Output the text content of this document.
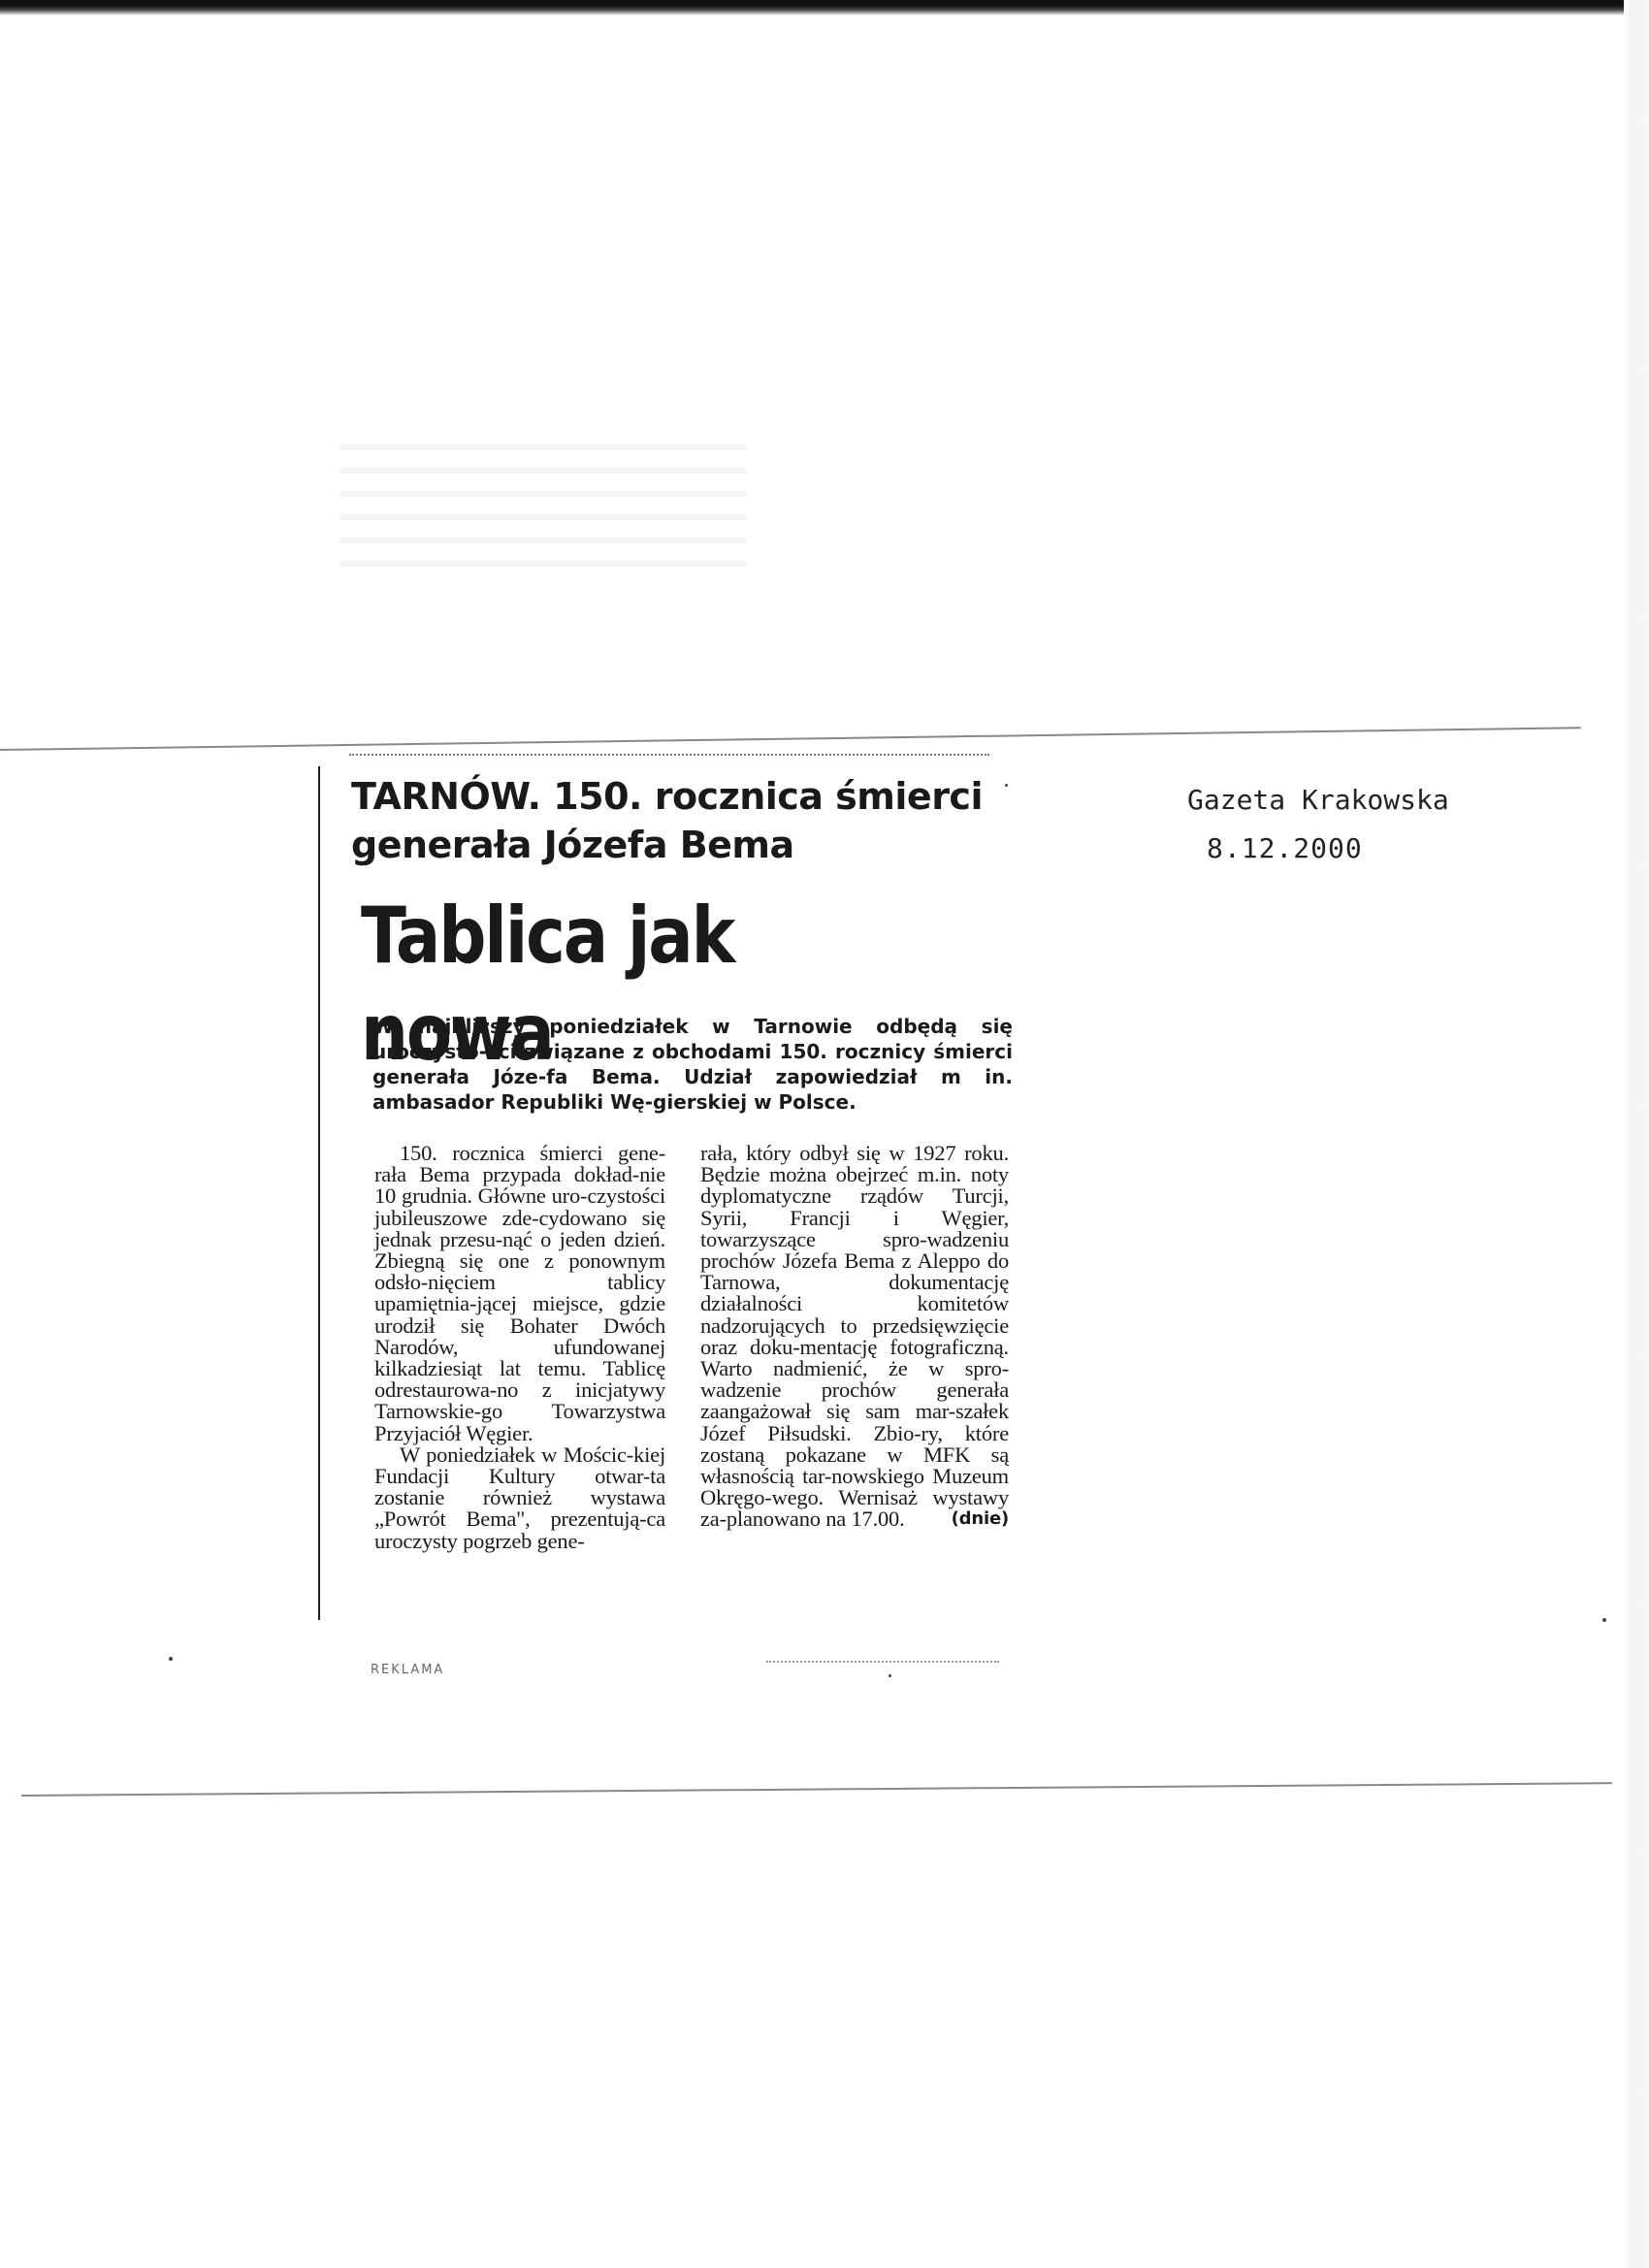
TARNÓW. 150. rocznica śmierci
generała Józefa Bema
Tablica jak nowa
W najbliższy poniedziałek w Tarnowie odbędą się uroczysto-ści związane z obchodami 150. rocznicy śmierci generała Józe-fa Bema. Udział zapowiedział m in. ambasador Republiki Wę-gierskiej w Polsce.

150. rocznica śmierci gene-rała Bema przypada dokład-nie 10 grudnia. Główne uro-czystości jubileuszowe zde-cydowano się jednak przesu-nąć o jeden dzień. Zbiegną się one z ponownym odsło-nięciem tablicy upamiętnia-jącej miejsce, gdzie urodził się Bohater Dwóch Narodów, ufundowanej kilkadziesiąt lat temu. Tablicę odrestaurowa-no z inicjatywy Tarnowskie-go Towarzystwa Przyjaciół Węgier.

W poniedziałek w Mościc-kiej Fundacji Kultury otwar-ta zostanie również wystawa „Powrót Bema", prezentują-ca uroczysty pogrzeb gene-

rała, który odbył się w 1927 roku. Będzie można obejrzeć m.in. noty dyplomatyczne rządów Turcji, Syrii, Francji i Węgier, towarzyszące spro-wadzeniu prochów Józefa Bema z Aleppo do Tarnowa, dokumentację działalności komitetów nadzorujących to przedsięwzięcie oraz doku-mentację fotograficzną. Warto nadmienić, że w spro-wadzenie prochów generała zaangażował się sam mar-szałek Józef Piłsudski. Zbio-ry, które zostaną pokazane w MFK są własnością tar-nowskiego Muzeum Okręgo-wego. Wernisaż wystawy za-planowano na 17.00.	(dnie)

REKLAMA
Gazeta Krakowska
8.12.2000
